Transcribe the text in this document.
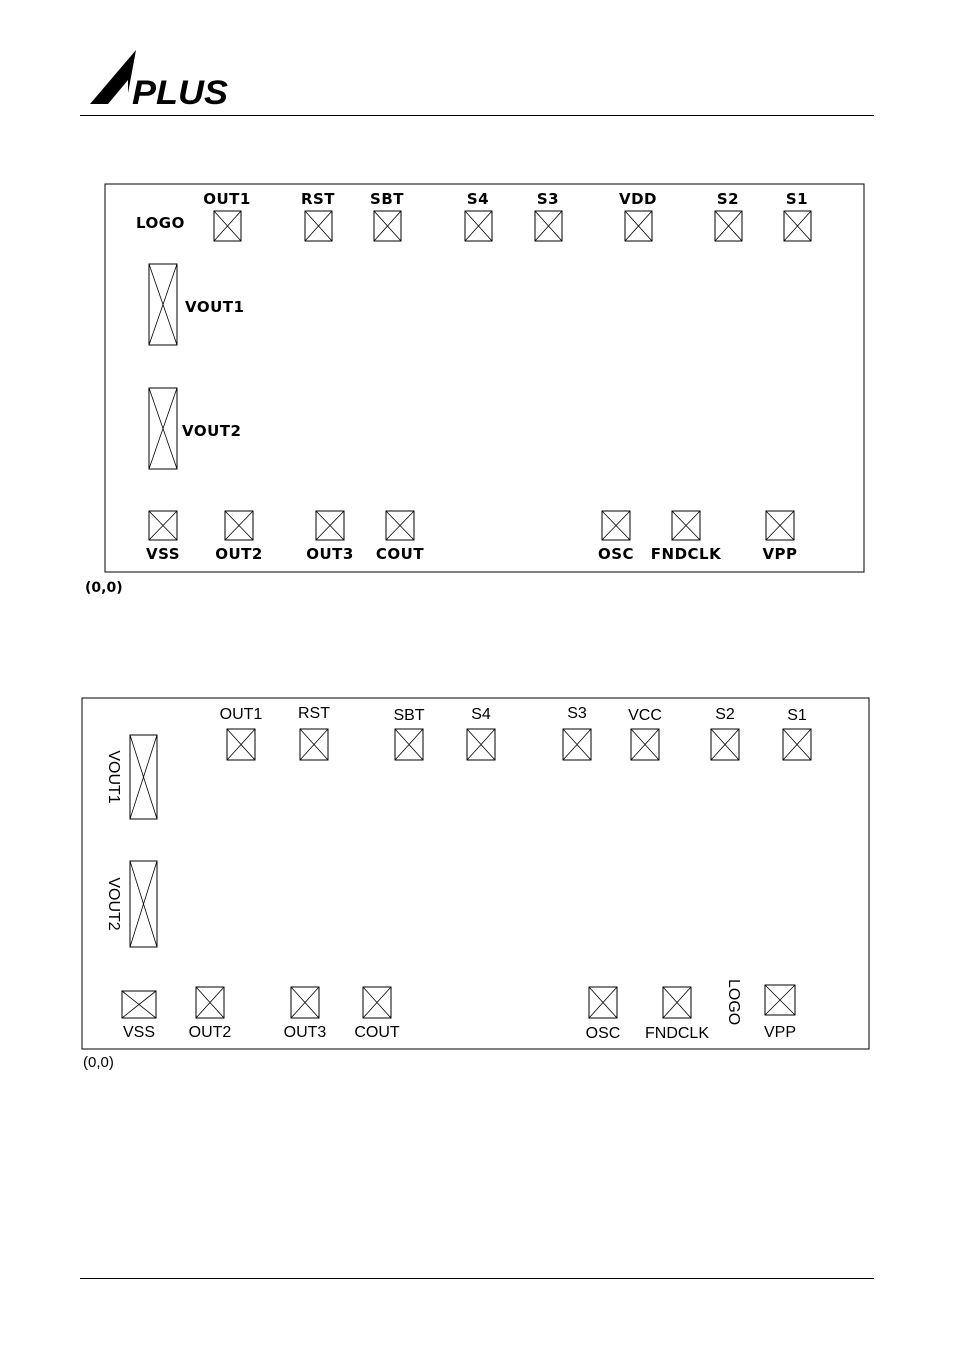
PLUS
LOGO
OUT1	RST SBT	S4	S3	VDD	S2	S1
VOUT1
VOUT2
VSS OUT2	OUT3 COUT	OSC FNDCLK	VPP
(0,0)
LOGO
OUT1 RST	SBT	S4	S3	VCC	S2	S1
VOUT1
VOUT2
VSS OUT2	OUT3 COUT	OSC FNDCLK	VPP
(0,0)
